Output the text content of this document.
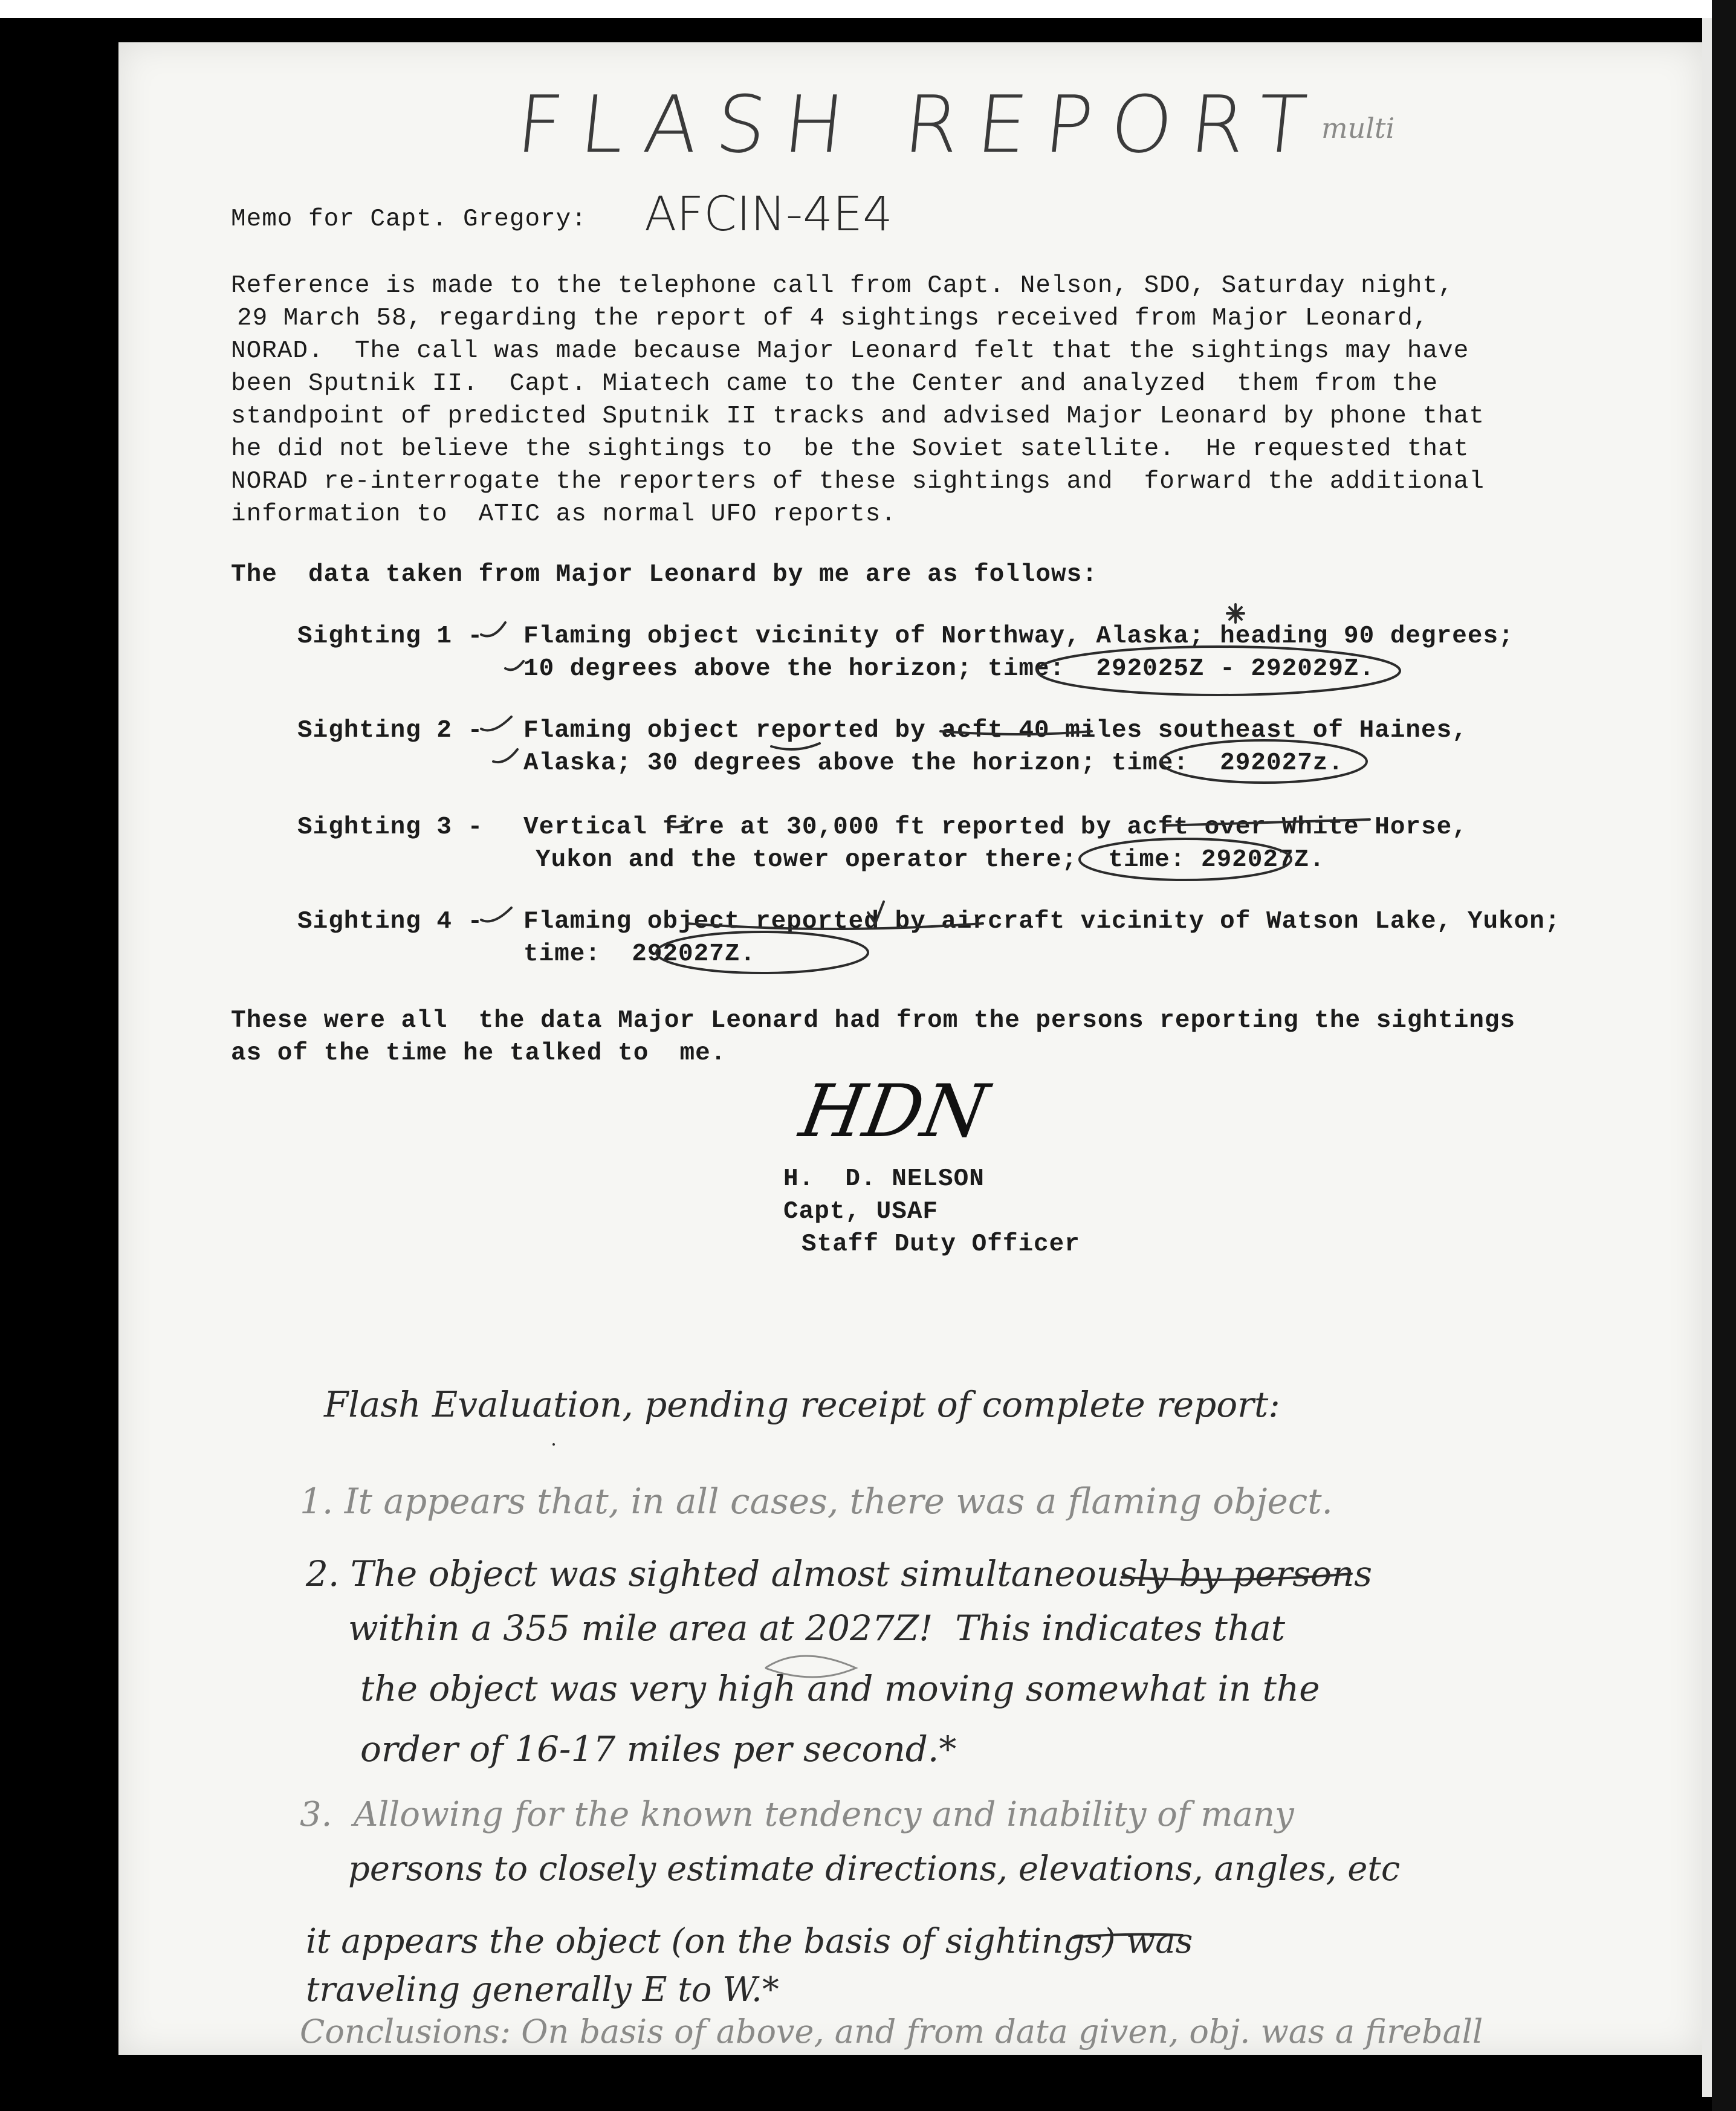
FLASH REPORT
multi
Memo for Capt. Gregory: AFCIN-4E4
Reference is made to the telephone call from Capt. Nelson, SDO, Saturday night,
29 March 58, regarding the report of 4 sightings received from Major Leonard,
NORAD.  The call was made because Major Leonard felt that the sightings may have
been Sputnik II.  Capt. Miatech came to the Center and analyzed  them from the
standpoint of predicted Sputnik II tracks and advised Major Leonard by phone that
he did not believe the sightings to  be the Soviet satellite.  He requested that
NORAD re-interrogate the reporters of these sightings and  forward the additional
information to  ATIC as normal UFO reports.
The  data taken from Major Leonard by me are as follows:
Sighting 1 - Flaming object vicinity of Northway, Alaska; heading 90 degrees;
10 degrees above the horizon; time:  292025Z - 292029Z.
Sighting 2 - Flaming object reported by acft 40 miles southeast of Haines,
Alaska; 30 degrees above the horizon; time:  292027z.
Sighting 3 - Vertical fire at 30,000 ft reported by acft over White Horse,
Yukon and the tower operator there;  time: 292027Z.
Sighting 4 - Flaming object reported by aircraft vicinity of Watson Lake, Yukon;
time:  292027Z.
These were all  the data Major Leonard had from the persons reporting the sightings
as of the time he talked to  me.
HDN
H.  D. NELSON
Capt, USAF
Staff Duty Officer
Flash Evaluation, pending receipt of complete report:
1. It appears that, in all cases, there was a flaming object.
2. The object was sighted almost simultaneously by persons
within a 355 mile area at 2027Z!  This indicates that
the object was very high and moving somewhat in the
order of 16-17 miles per second.*
3.  Allowing for the known tendency and inability of many
persons to closely estimate directions, elevations, angles, etc
it appears the object (on the basis of sightings) was
traveling generally E to W.*
Conclusions: On basis of above, and from data given, obj. was a fireball
